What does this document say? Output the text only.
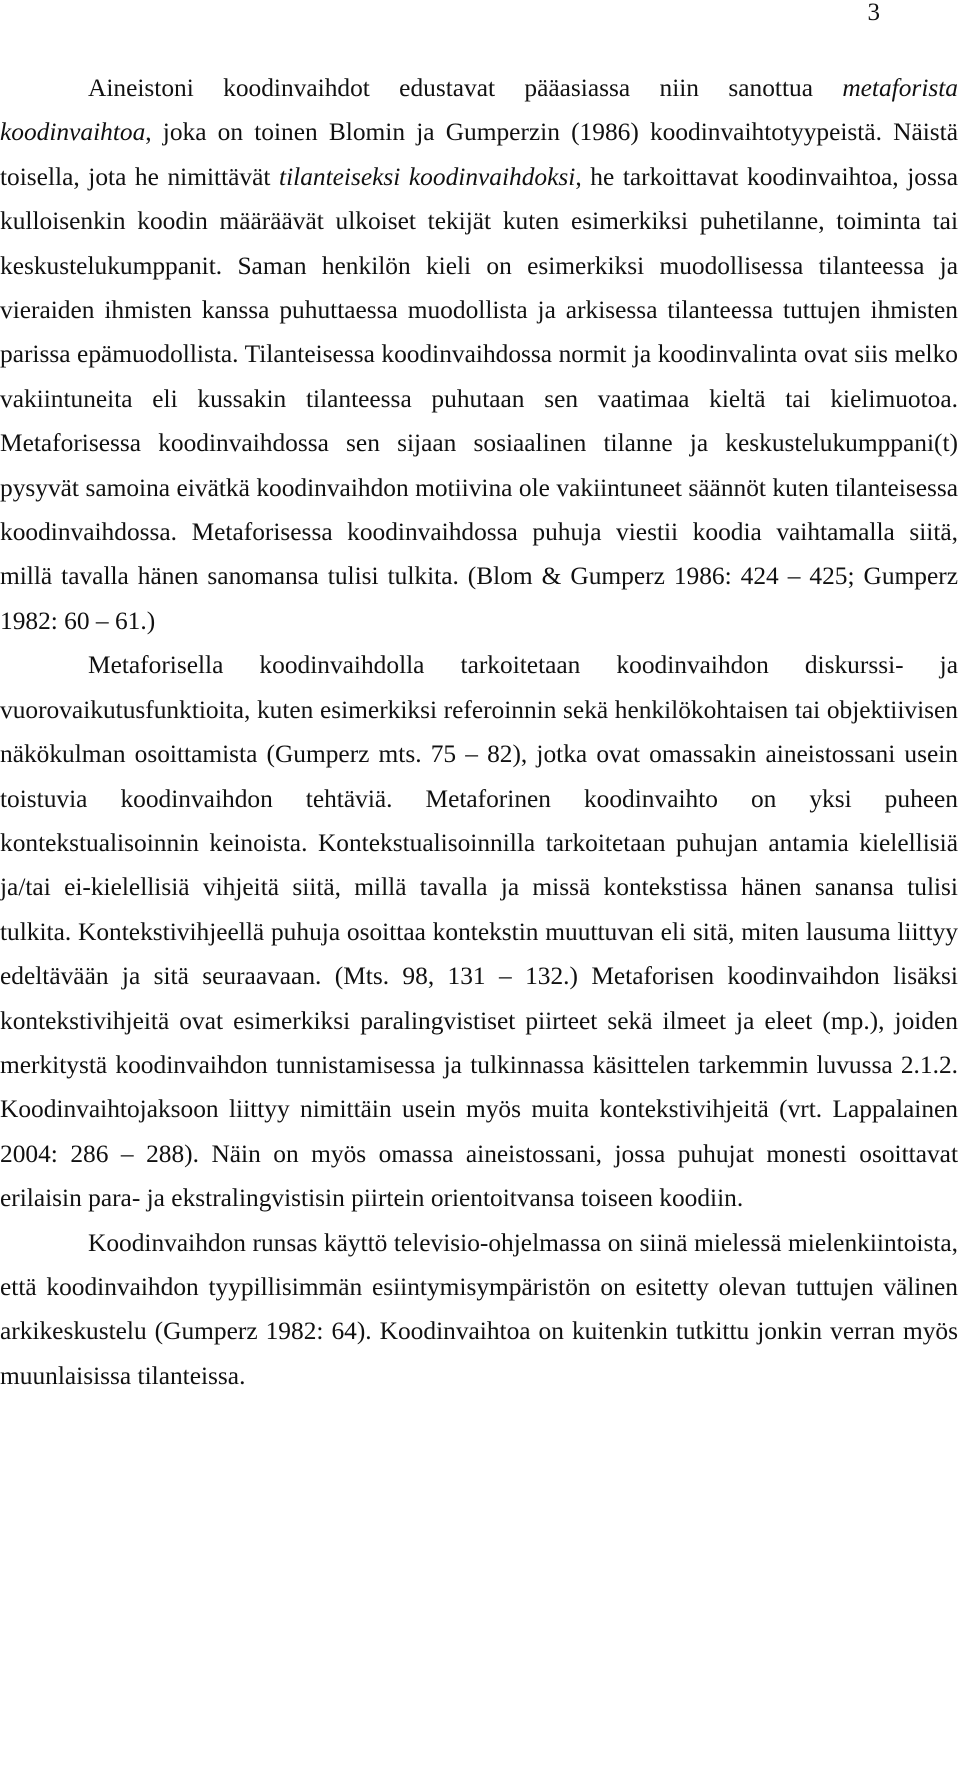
3

Aineistoni koodinvaihdot edustavat pääasiassa niin sanottua metaforista koodinvaihtoa, joka on toinen Blomin ja Gumperzin (1986) koodinvaihtotyypeistä. Näistä toisella, jota he nimittävät tilanteiseksi koodinvaihdoksi, he tarkoittavat koodinvaihtoa, jossa kulloisenkin koodin määräävät ulkoiset tekijät kuten esimerkiksi puhetilanne, toiminta tai keskustelukumppanit. Saman henkilön kieli on esimerkiksi muodollisessa tilanteessa ja vieraiden ihmisten kanssa puhuttaessa muodollista ja arkisessa tilanteessa tuttujen ihmisten parissa epämuodollista. Tilanteisessa koodinvaihdossa normit ja koodinvalinta ovat siis melko vakiintuneita eli kussakin tilanteessa puhutaan sen vaatimaa kieltä tai kielimuotoa. Metaforisessa koodinvaihdossa sen sijaan sosiaalinen tilanne ja keskustelukumppani(t) pysyvät samoina eivätkä koodinvaihdon motiivina ole vakiintuneet säännöt kuten tilanteisessa koodinvaihdossa. Metaforisessa koodinvaihdossa puhuja viestii koodia vaihtamalla siitä, millä tavalla hänen sanomansa tulisi tulkita. (Blom & Gumperz 1986: 424 – 425; Gumperz 1982: 60 – 61.)

Metaforisella koodinvaihdolla tarkoitetaan koodinvaihdon diskurssi- ja vuorovaikutusfunktioita, kuten esimerkiksi referoinnin sekä henkilökohtaisen tai objektiivisen näkökulman osoittamista (Gumperz mts. 75 – 82), jotka ovat omassakin aineistossani usein toistuvia koodinvaihdon tehtäviä. Metaforinen koodinvaihto on yksi puheen kontekstualisoinnin keinoista. Kontekstualisoinnilla tarkoitetaan puhujan antamia kielellisiä ja/tai ei-kielellisiä vihjeitä siitä, millä tavalla ja missä kontekstissa hänen sanansa tulisi tulkita. Kontekstivihjeellä puhuja osoittaa kontekstin muuttuvan eli sitä, miten lausuma liittyy edeltävään ja sitä seuraavaan. (Mts. 98, 131 – 132.) Metaforisen koodinvaihdon lisäksi kontekstivihjeitä ovat esimerkiksi paralingvistiset piirteet sekä ilmeet ja eleet (mp.), joiden merkitystä koodinvaihdon tunnistamisessa ja tulkinnassa käsittelen tarkemmin luvussa 2.1.2. Koodinvaihtojaksoon liittyy nimittäin usein myös muita kontekstivihjeitä (vrt. Lappalainen 2004: 286 – 288). Näin on myös omassa aineistossani, jossa puhujat monesti osoittavat erilaisin para- ja ekstralingvistisin piirtein orientoitvansa toiseen koodiin.

Koodinvaihdon runsas käyttö televisio-ohjelmassa on siinä mielessä mielenkiintoista, että koodinvaihdon tyypillisimmän esiintymisympäristön on esitetty olevan tuttujen välinen arkikeskustelu (Gumperz 1982: 64). Koodinvaihtoa on kuitenkin tutkittu jonkin verran myös muunlaisissa tilanteissa.
